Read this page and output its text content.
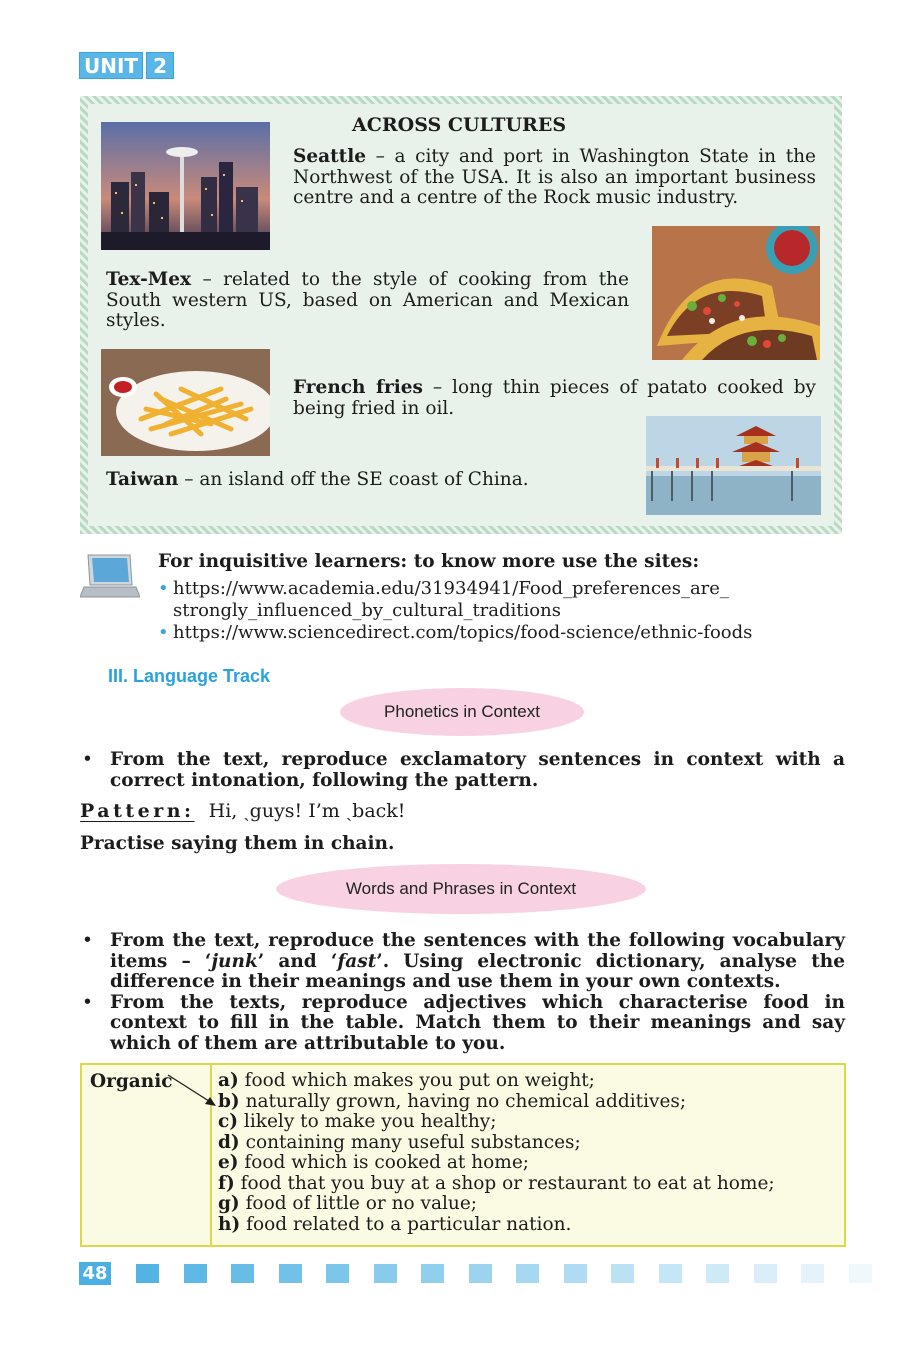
UNIT 2
ACROSS CULTURES
Seattle – a city and port in Washington State in the Northwest of the USA. It is also an important business centre and a centre of the Rock music industry.
Tex-Mex – related to the style of cooking from the South western US, based on American and Mexican styles.
French fries – long thin pieces of patato cooked by being fried in oil.
Taiwan – an island off the SE coast of China.
For inquisitive learners: to know more use the sites:
• https://www.academia.edu/31934941/Food_preferences_are_ strongly_influenced_by_cultural_traditions
• https://www.sciencedirect.com/topics/food-science/ethnic-foods
III. Language Track
Phonetics in Context
• From the text, reproduce exclamatory sentences in context with a correct intonation, following the pattern.
Pattern: Hi, ˏguys! I’m ˎback!
Practise saying them in chain.
Words and Phrases in Context
• From the text, reproduce the sentences with the following vocabulary items – ‘junk’ and ‘fast’. Using electronic dictionary, analyse the difference in their meanings and use them in your own contexts.
• From the texts, reproduce adjectives which characterise food in context to fill in the table. Match them to their meanings and say which of them are attributable to you.
Organic a) food which makes you put on weight;
b) naturally grown, having no chemical additives;
c) likely to make you healthy;
d) containing many useful substances;
e) food which is cooked at home;
f) food that you buy at a shop or restaurant to eat at home;
g) food of little or no value;
h) food related to a particular nation.
48
